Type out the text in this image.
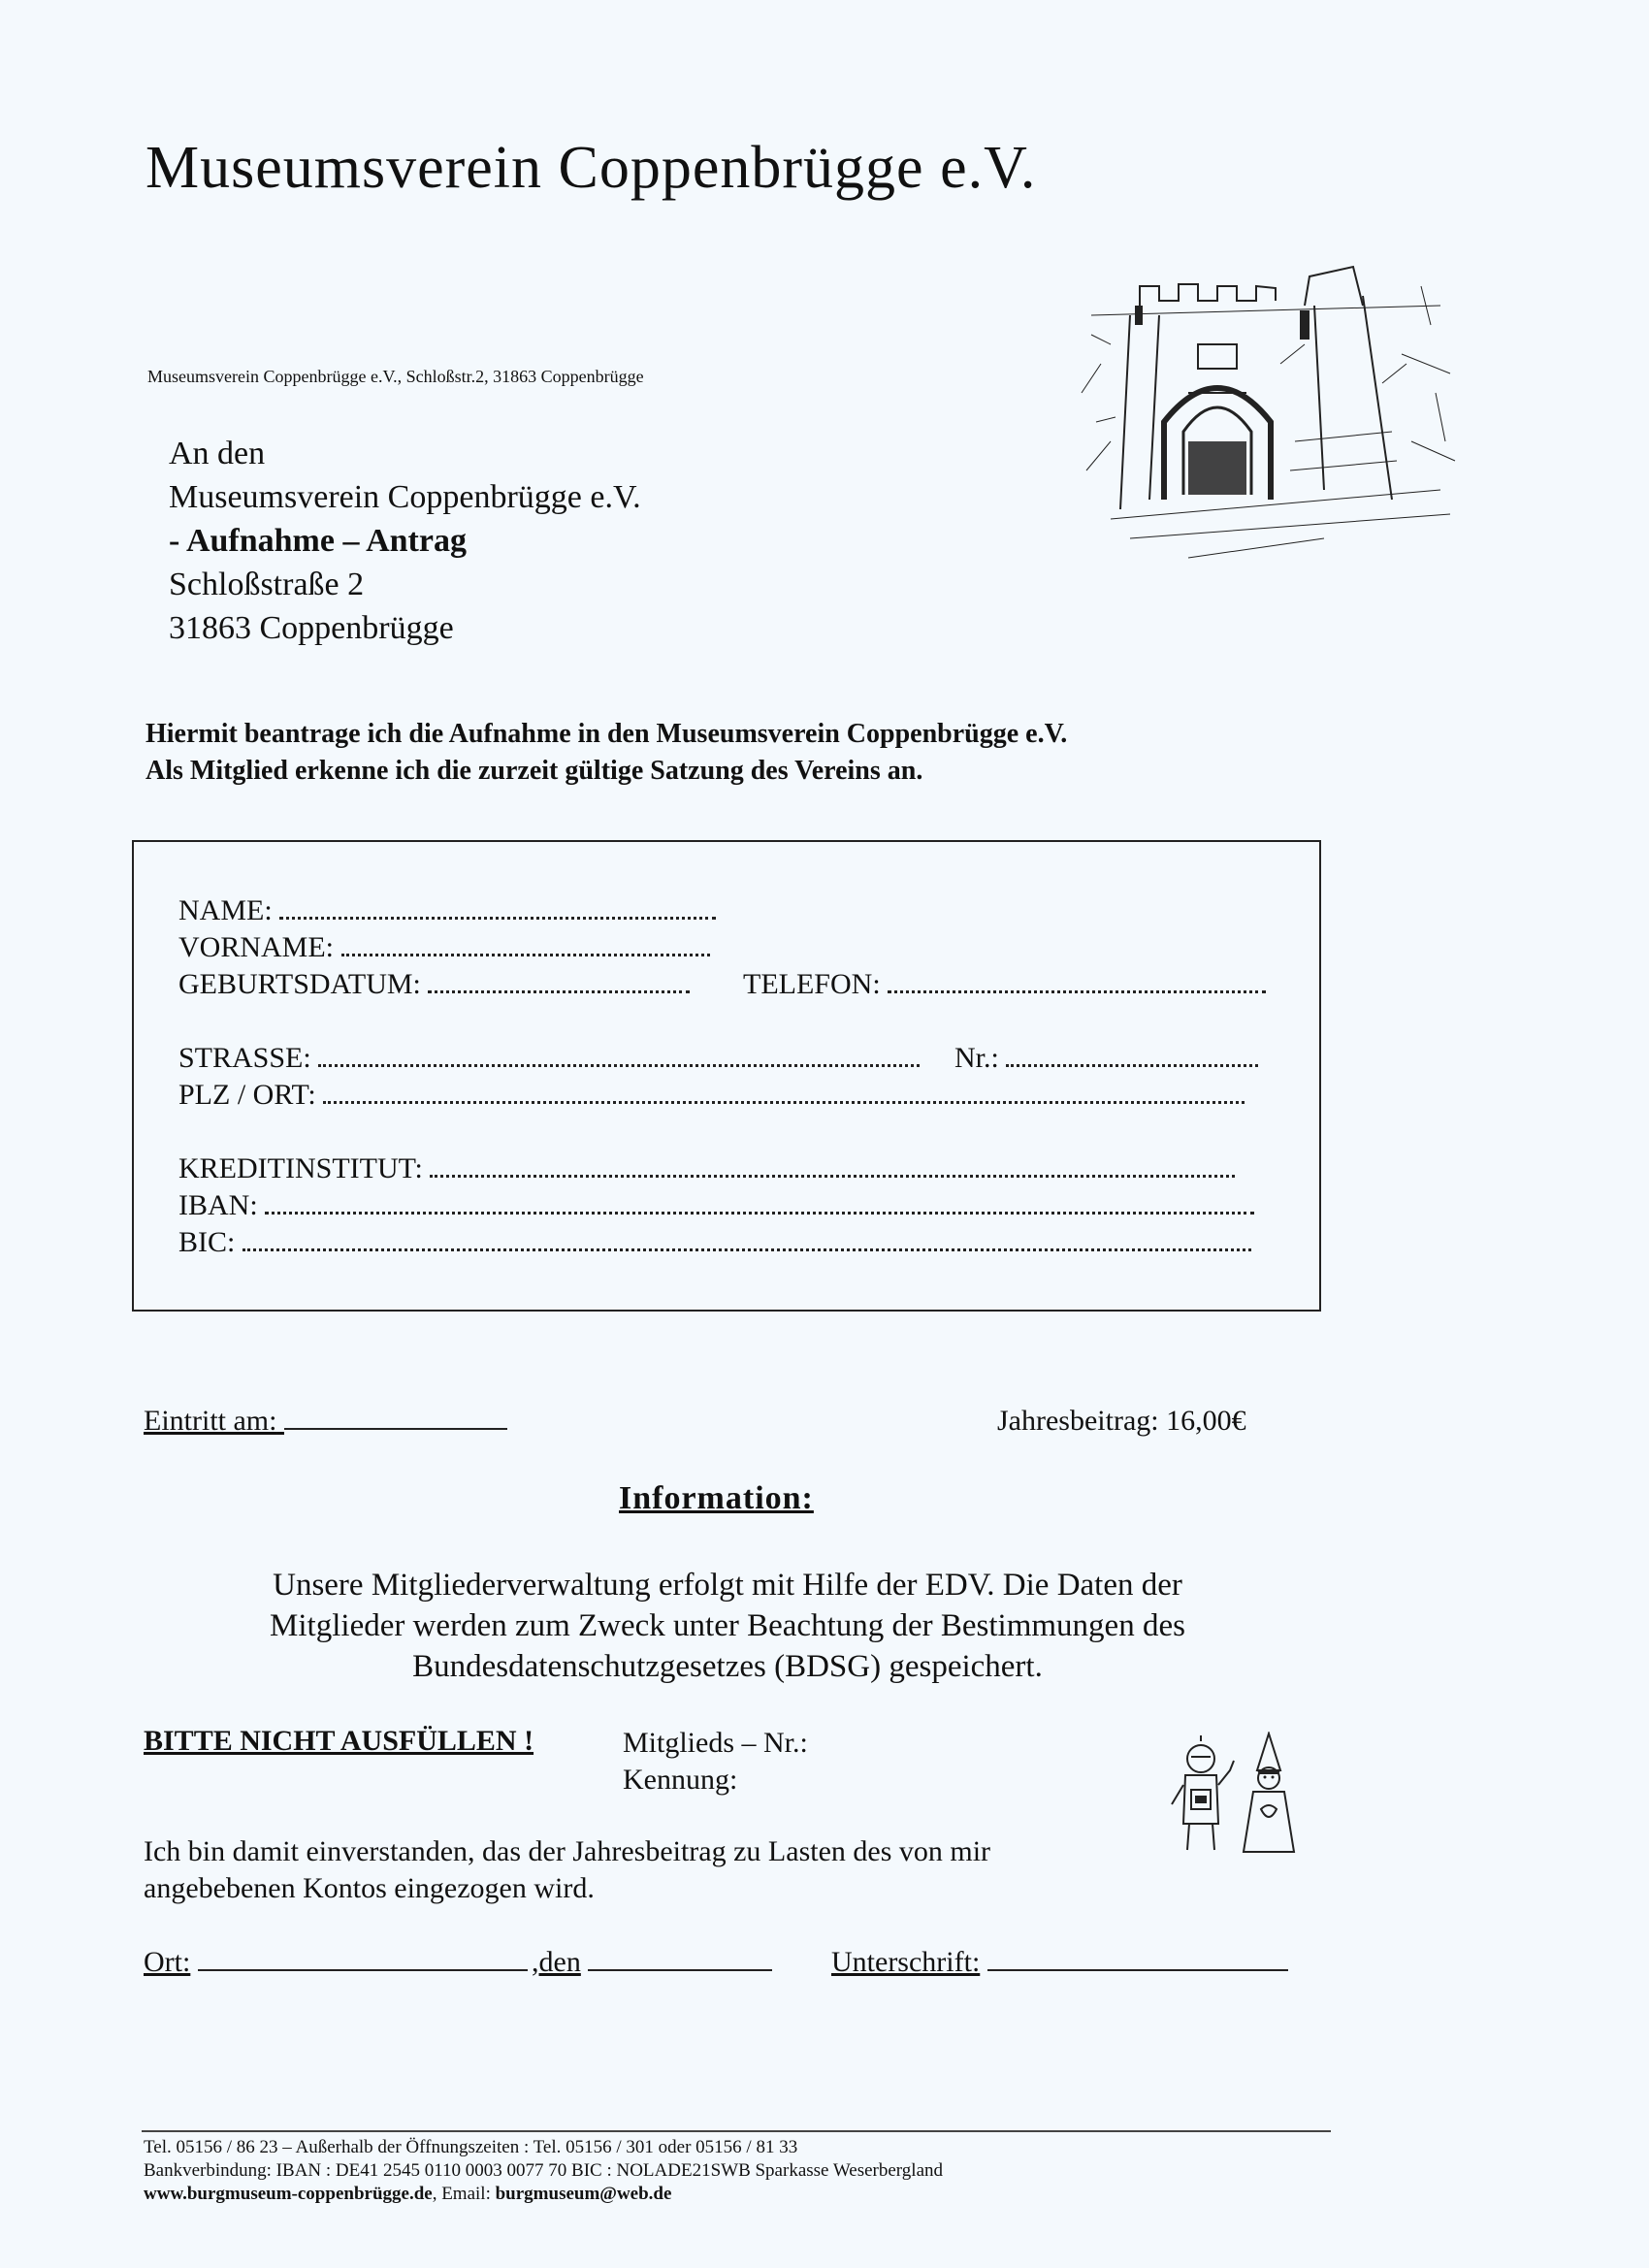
Museumsverein Coppenbrügge e.V.
Museumsverein Coppenbrügge e.V., Schloßstr.2, 31863 Coppenbrügge
An den
Museumsverein Coppenbrügge e.V.
- Aufnahme – Antrag
Schloßstraße 2
31863 Coppenbrügge
Hiermit beantrage ich die Aufnahme in den Museumsverein Coppenbrügge e.V.
Als Mitglied erkenne ich die zurzeit gültige Satzung des Vereins an.
NAME:
VORNAME:
GEBURTSDATUM:	TELEFON:
STRASSE:	Nr.:
PLZ / ORT:
KREDITINSTITUT:
IBAN:
BIC:
Eintritt am:	Jahresbeitrag: 16,00€
Information:
Unsere Mitgliederverwaltung erfolgt mit Hilfe der EDV. Die Daten der
Mitglieder werden zum Zweck unter Beachtung der Bestimmungen des
Bundesdatenschutzgesetzes (BDSG) gespeichert.
BITTE NICHT AUSFÜLLEN !	Mitglieds – Nr.:
Kennung:
Ich bin damit einverstanden, das der Jahresbeitrag zu Lasten des von mir
angebebenen Kontos eingezogen wird.
Ort:	,den	Unterschrift:
Tel. 05156 / 86 23 – Außerhalb der Öffnungszeiten : Tel. 05156 / 301 oder 05156 / 81 33
Bankverbindung: IBAN : DE41 2545 0110 0003 0077 70 BIC : NOLADE21SWB Sparkasse Weserbergland
www.burgmuseum-coppenbrügge.de, Email: burgmuseum@web.de
